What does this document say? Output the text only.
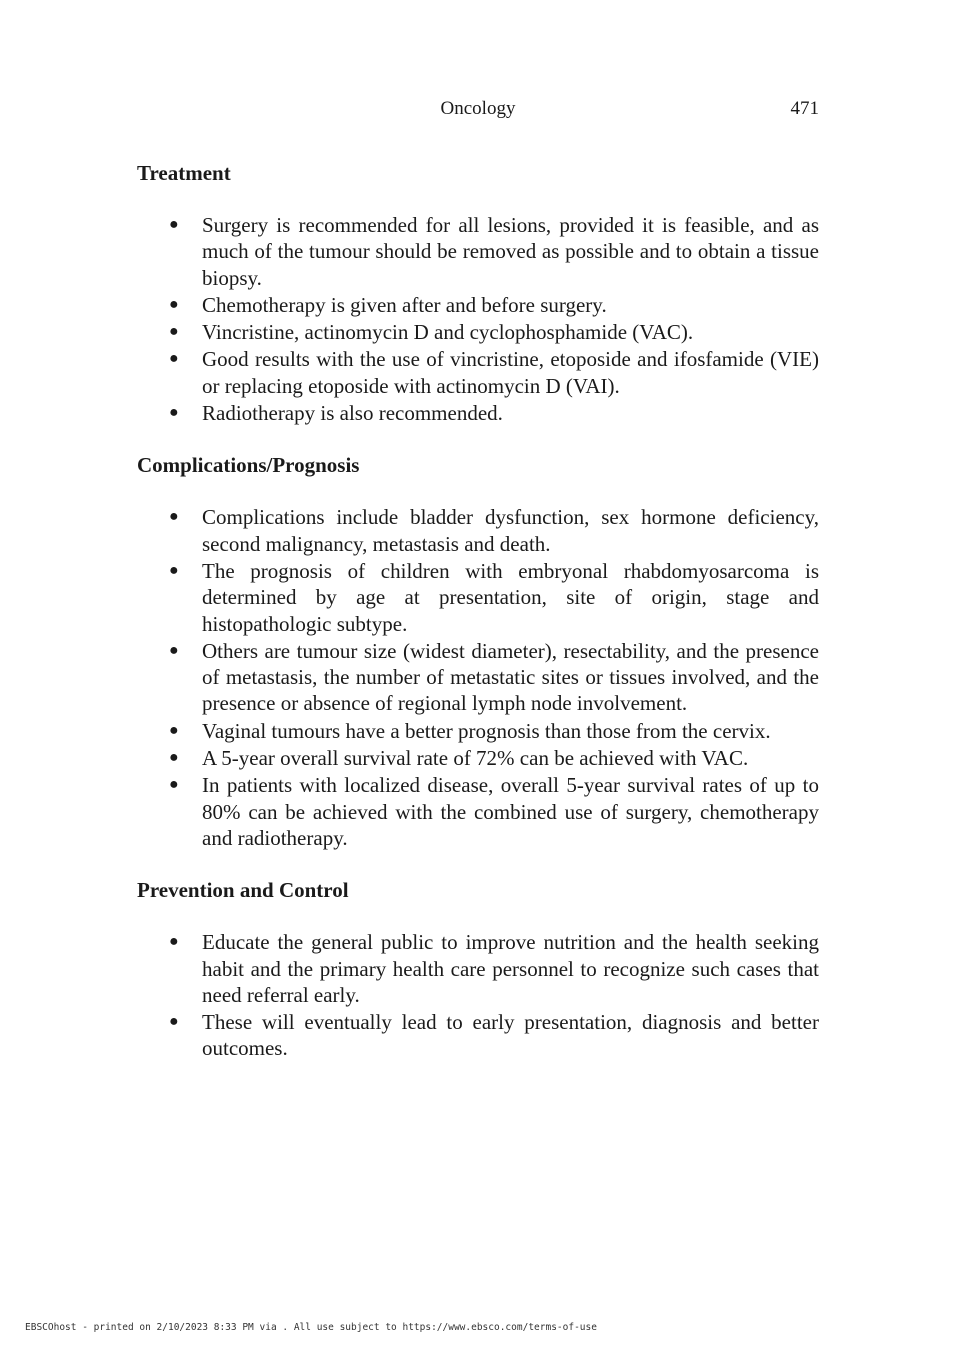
Oncology	471
Treatment
● Surgery is recommended for all lesions, provided it is feasible, and as much of the tumour should be removed as possible and to obtain a tissue biopsy.
● Chemotherapy is given after and before surgery.
● Vincristine, actinomycin D and cyclophosphamide (VAC).
● Good results with the use of vincristine, etoposide and ifosfamide (VIE) or replacing etoposide with actinomycin D (VAI).
● Radiotherapy is also recommended.
Complications/Prognosis
● Complications include bladder dysfunction, sex hormone deficiency, second malignancy, metastasis and death.
● The prognosis of children with embryonal rhabdomyosarcoma is determined by age at presentation, site of origin, stage and histopathologic subtype.
● Others are tumour size (widest diameter), resectability, and the presence of metastasis, the number of metastatic sites or tissues involved, and the presence or absence of regional lymph node involvement.
● Vaginal tumours have a better prognosis than those from the cervix.
● A 5-year overall survival rate of 72% can be achieved with VAC.
● In patients with localized disease, overall 5-year survival rates of up to 80% can be achieved with the combined use of surgery, chemotherapy and radiotherapy.
Prevention and Control
● Educate the general public to improve nutrition and the health seeking habit and the primary health care personnel to recognize such cases that need referral early.
● These will eventually lead to early presentation, diagnosis and better outcomes.
EBSCOhost - printed on 2/10/2023 8:33 PM via . All use subject to https://www.ebsco.com/terms-of-use
